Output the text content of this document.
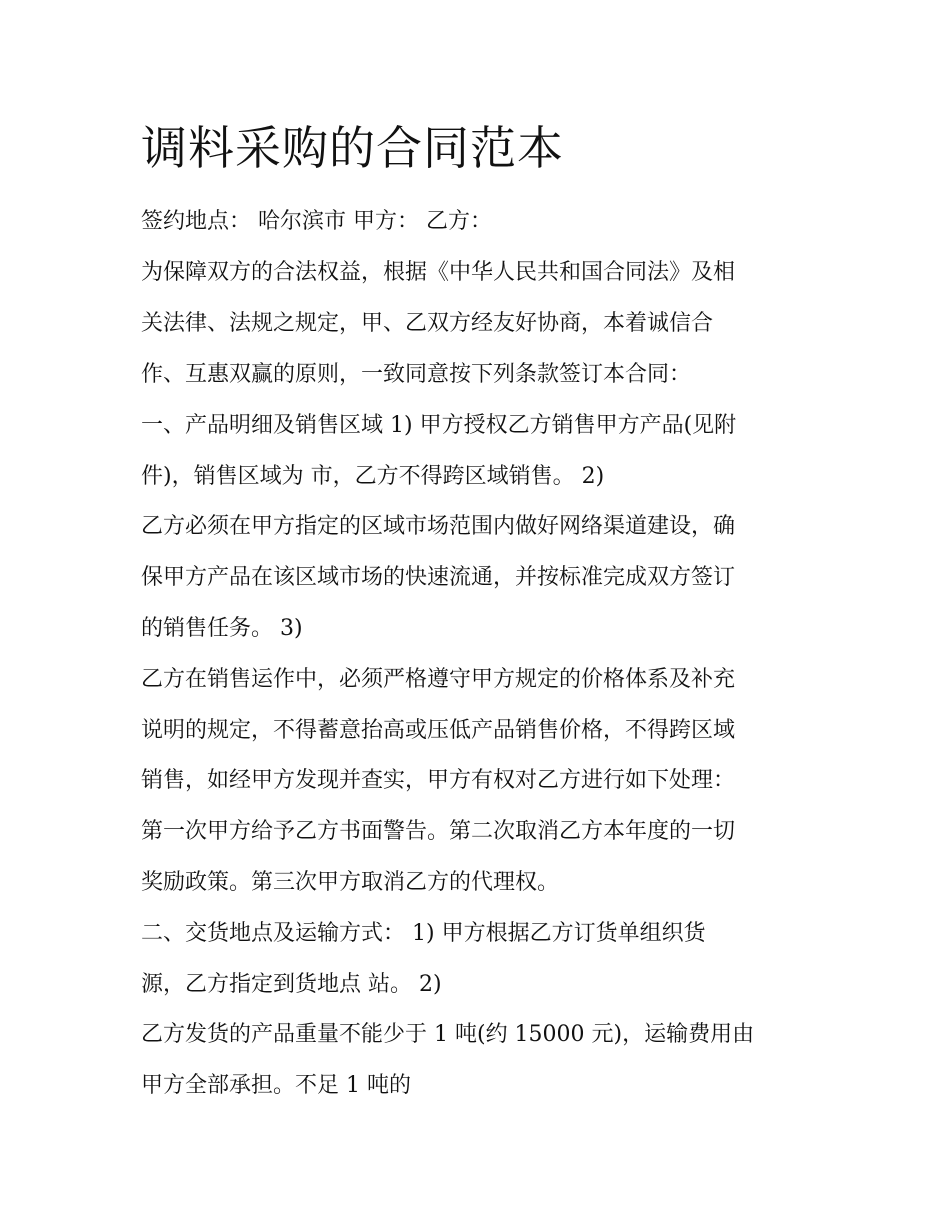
调料采购的合同范本

签约地点： 哈尔滨市 甲方： 乙方：

为保障双方的合法权益，根据《中华人民共和国合同法》及相

关法律、法规之规定，甲、乙双方经友好协商，本着诚信合

作、互惠双赢的原则，一致同意按下列条款签订本合同：

一、产品明细及销售区域 1) 甲方授权乙方销售甲方产品(见附

件)，销售区域为 市，乙方不得跨区域销售。 2)

乙方必须在甲方指定的区域市场范围内做好网络渠道建设，确

保甲方产品在该区域市场的快速流通，并按标准完成双方签订

的销售任务。 3)

乙方在销售运作中，必须严格遵守甲方规定的价格体系及补充

说明的规定，不得蓄意抬高或压低产品销售价格，不得跨区域

销售，如经甲方发现并查实，甲方有权对乙方进行如下处理：

第一次甲方给予乙方书面警告。第二次取消乙方本年度的一切

奖励政策。第三次甲方取消乙方的代理权。

二、交货地点及运输方式： 1) 甲方根据乙方订货单组织货

源，乙方指定到货地点 站。 2)

乙方发货的产品重量不能少于 1 吨(约 15000 元)，运输费用由

甲方全部承担。不足 1 吨的
